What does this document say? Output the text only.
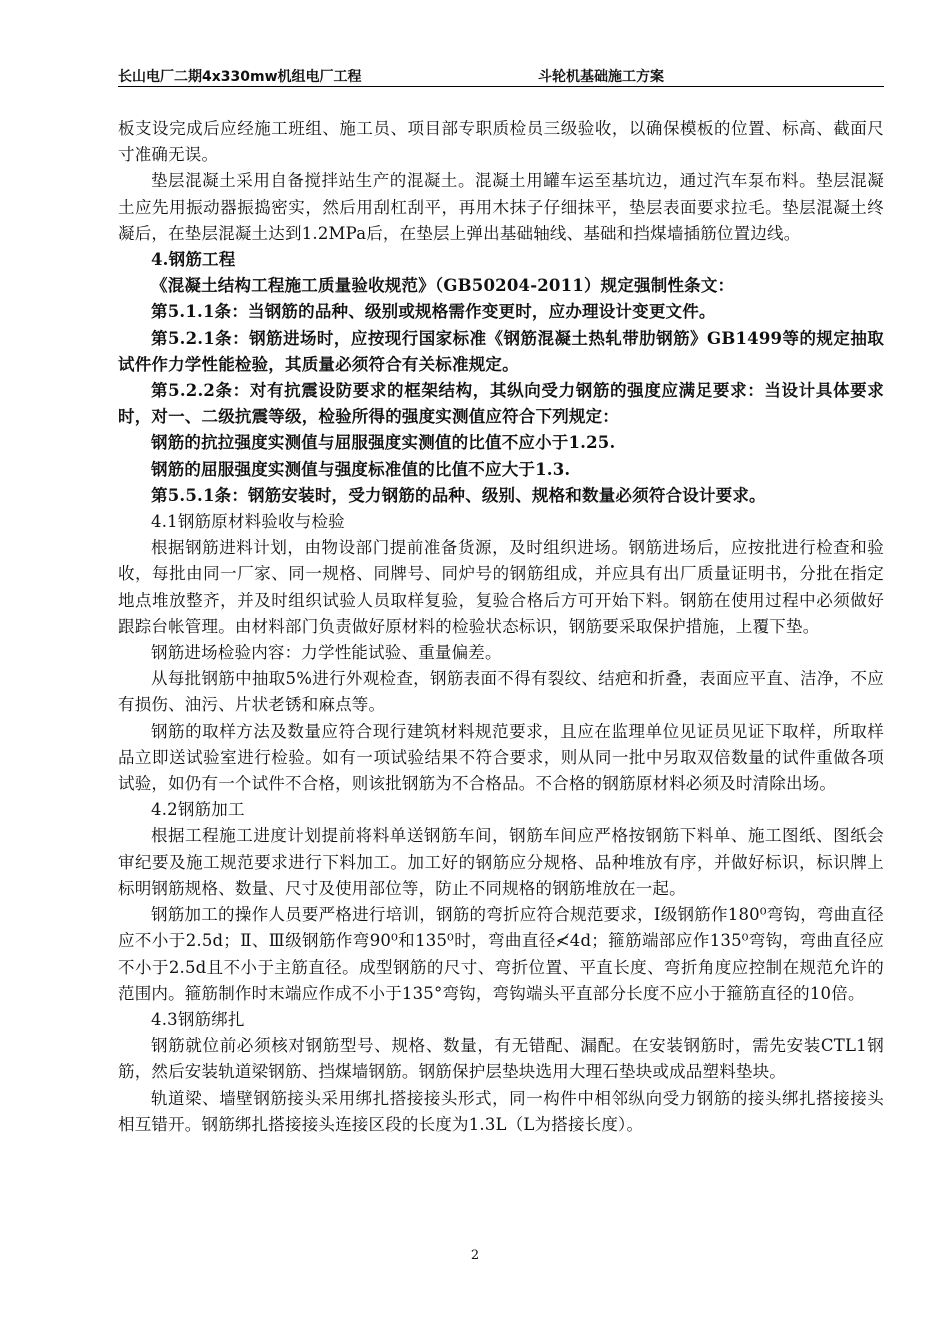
长山电厂二期4x330mw机组电厂工程	斗轮机基础施工方案

板支设完成后应经施工班组、施工员、项目部专职质检员三级验收，以确保模板的位置、标高、截面尺寸准确无误。

垫层混凝土采用自备搅拌站生产的混凝土。混凝土用罐车运至基坑边，通过汽车泵布料。垫层混凝土应先用振动器振捣密实，然后用刮杠刮平，再用木抹子仔细抹平，垫层表面要求拉毛。垫层混凝土终凝后，在垫层混凝土达到1.2MPa后，在垫层上弹出基础轴线、基础和挡煤墙插筋位置边线。

4.钢筋工程

《混凝土结构工程施工质量验收规范》（GB50204-2011）规定强制性条文：

第5.1.1条：当钢筋的品种、级别或规格需作变更时，应办理设计变更文件。

第5.2.1条：钢筋进场时，应按现行国家标准《钢筋混凝土热轧带肋钢筋》GB1499等的规定抽取试件作力学性能检验，其质量必须符合有关标准规定。

第5.2.2条：对有抗震设防要求的框架结构，其纵向受力钢筋的强度应满足要求：当设计具体要求时，对一、二级抗震等级，检验所得的强度实测值应符合下列规定：

钢筋的抗拉强度实测值与屈服强度实测值的比值不应小于1.25.

钢筋的屈服强度实测值与强度标准值的比值不应大于1.3.

第5.5.1条：钢筋安装时，受力钢筋的品种、级别、规格和数量必须符合设计要求。

4.1钢筋原材料验收与检验

根据钢筋进料计划，由物设部门提前准备货源，及时组织进场。钢筋进场后，应按批进行检查和验收，每批由同一厂家、同一规格、同牌号、同炉号的钢筋组成，并应具有出厂质量证明书，分批在指定地点堆放整齐，并及时组织试验人员取样复验，复验合格后方可开始下料。钢筋在使用过程中必须做好跟踪台帐管理。由材料部门负责做好原材料的检验状态标识，钢筋要采取保护措施，上覆下垫。

钢筋进场检验内容：力学性能试验、重量偏差。

从每批钢筋中抽取5%进行外观检查，钢筋表面不得有裂纹、结疤和折叠，表面应平直、洁净，不应有损伤、油污、片状老锈和麻点等。

钢筋的取样方法及数量应符合现行建筑材料规范要求，且应在监理单位见证员见证下取样，所取样品立即送试验室进行检验。如有一项试验结果不符合要求，则从同一批中另取双倍数量的试件重做各项试验，如仍有一个试件不合格，则该批钢筋为不合格品。不合格的钢筋原材料必须及时清除出场。

4.2钢筋加工

根据工程施工进度计划提前将料单送钢筋车间，钢筋车间应严格按钢筋下料单、施工图纸、图纸会审纪要及施工规范要求进行下料加工。加工好的钢筋应分规格、品种堆放有序，并做好标识，标识牌上标明钢筋规格、数量、尺寸及使用部位等，防止不同规格的钢筋堆放在一起。

钢筋加工的操作人员要严格进行培训，钢筋的弯折应符合规范要求，Ⅰ级钢筋作180⁰弯钩，弯曲直径应不小于2.5d；Ⅱ、Ⅲ级钢筋作弯90⁰和135⁰时，弯曲直径≮4d；箍筋端部应作135⁰弯钩，弯曲直径应不小于2.5d且不小于主筋直径。成型钢筋的尺寸、弯折位置、平直长度、弯折角度应控制在规范允许的范围内。箍筋制作时末端应作成不小于135°弯钩，弯钩端头平直部分长度不应小于箍筋直径的10倍。

4.3钢筋绑扎

钢筋就位前必须核对钢筋型号、规格、数量，有无错配、漏配。在安装钢筋时，需先安装CTL1钢筋，然后安装轨道梁钢筋、挡煤墙钢筋。钢筋保护层垫块选用大理石垫块或成品塑料垫块。

轨道梁、墙壁钢筋接头采用绑扎搭接接头形式，同一构件中相邻纵向受力钢筋的接头绑扎搭接接头相互错开。钢筋绑扎搭接接头连接区段的长度为1.3L（L为搭接长度）。

2
